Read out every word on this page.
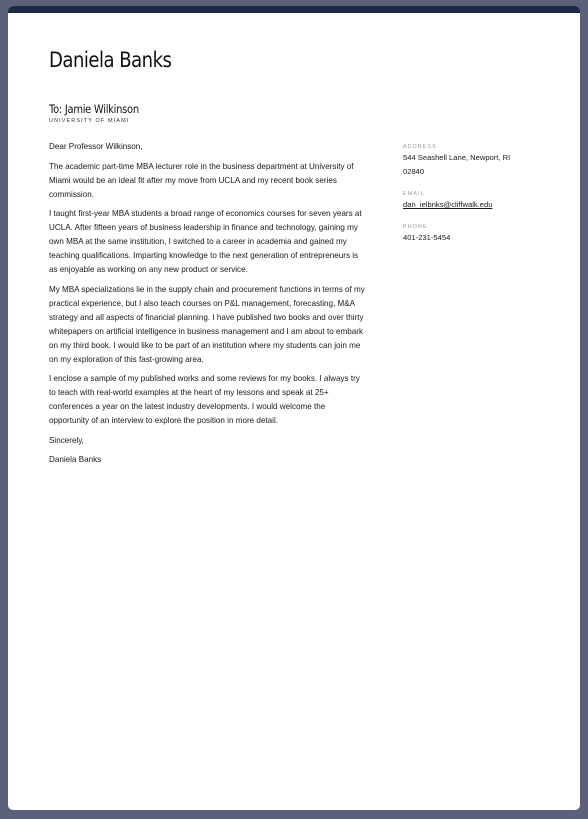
Daniela Banks
To: Jamie Wilkinson
UNIVERSITY OF MIAMI

Dear Professor Wilkinson,

The academic part-time MBA lecturer role in the business department at University of Miami would be an ideal fit after my move from UCLA and my recent book series commission.

I taught first-year MBA students a broad range of economics courses for seven years at UCLA. After fifteen years of business leadership in finance and technology, gaining my own MBA at the same institution, I switched to a career in academia and gained my teaching qualifications. Imparting knowledge to the next generation of entrepreneurs is as enjoyable as working on any new product or service.

My MBA specializations lie in the supply chain and procurement functions in terms of my practical experience, but I also teach courses on P&L management, forecasting, M&A strategy and all aspects of financial planning. I have published two books and over thirty whitepapers on artificial intelligence in business management and I am about to embark on my third book. I would like to be part of an institution where my students can join me on my exploration of this fast-growing area.

I enclose a sample of my published works and some reviews for my books. I always try to teach with real-world examples at the heart of my lessons and speak at 25+ conferences a year on the latest industry developments. I would welcome the opportunity of an interview to explore the position in more detail.

Sincerely,

Daniela Banks

ADDRESS
544 Seashell Lane, Newport, RI
02840
EMAIL
dan_ielbnks@cliffwalk.edu
PHONE
401-231-5454
